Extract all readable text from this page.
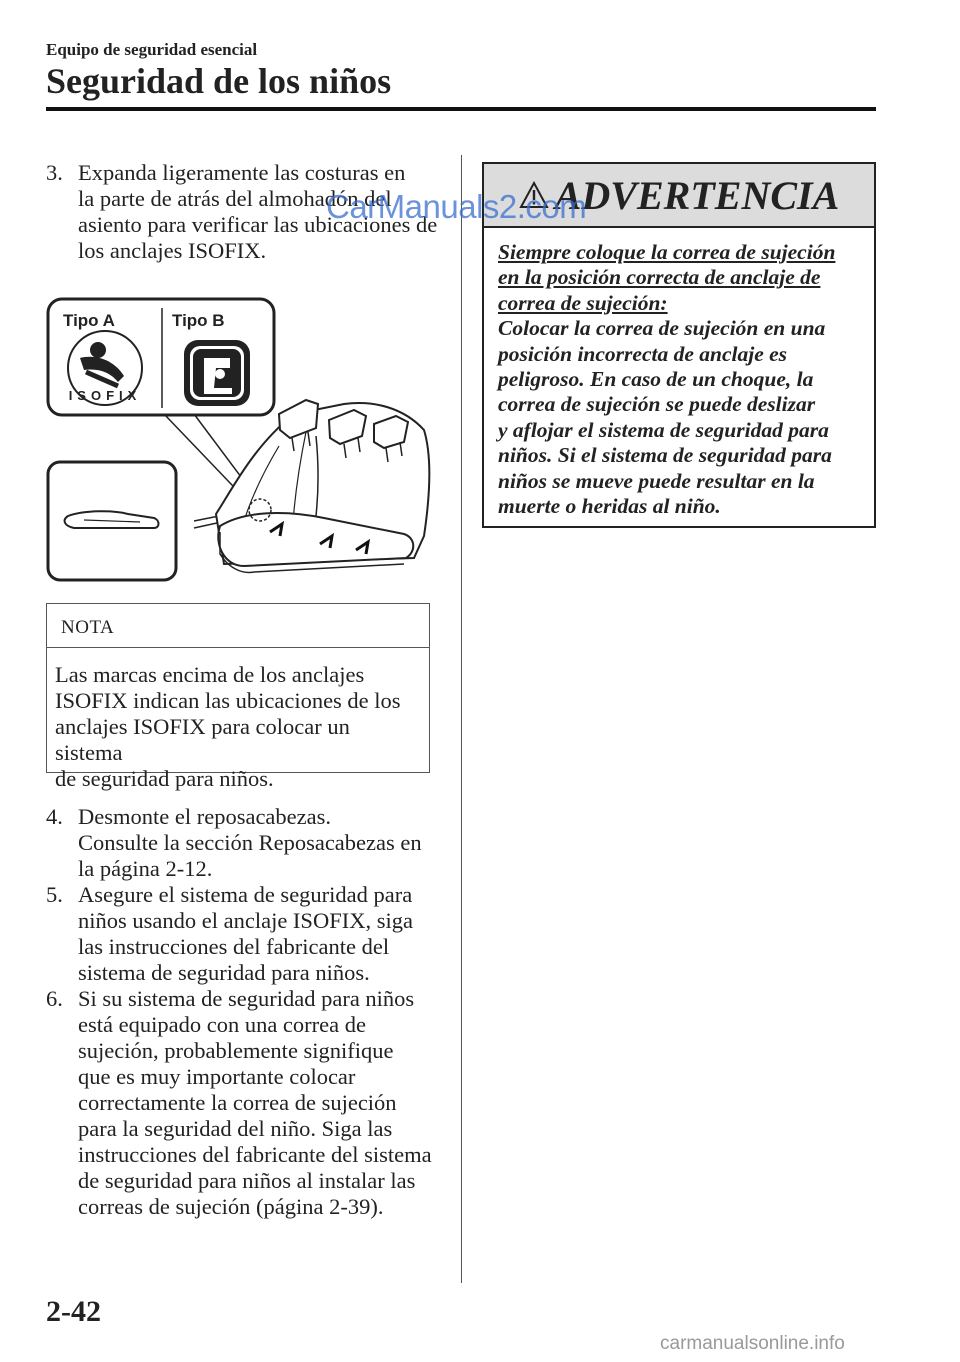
Equipo de seguridad esencial
Seguridad de los niños
3. Expanda ligeramente las costuras en
la parte de atrás del almohadón del
asiento para verificar las ubicaciones de
los anclajes ISOFIX.
Tipo A	Tipo B
ISOFIX
NOTA
Las marcas encima de los anclajes
ISOFIX indican las ubicaciones de los
anclajes ISOFIX para colocar un sistema
de seguridad para niños.
4. Desmonte el reposacabezas.
Consulte la sección Reposacabezas en
la página 2-12.
5. Asegure el sistema de seguridad para
niños usando el anclaje ISOFIX, siga
las instrucciones del fabricante del
sistema de seguridad para niños.
6. Si su sistema de seguridad para niños
está equipado con una correa de
sujeción, probablemente signifique
que es muy importante colocar
correctamente la correa de sujeción
para la seguridad del niño. Siga las
instrucciones del fabricante del sistema
de seguridad para niños al instalar las
correas de sujeción (página 2-39).
ADVERTENCIA
Siempre coloque la correa de sujeción
en la posición correcta de anclaje de
correa de sujeción:
Colocar la correa de sujeción en una
posición incorrecta de anclaje es
peligroso. En caso de un choque, la
correa de sujeción se puede deslizar
y aflojar el sistema de seguridad para
niños. Si el sistema de seguridad para
niños se mueve puede resultar en la
muerte o heridas al niño.
CarManuals2.com
2-42
carmanualsonline.info
